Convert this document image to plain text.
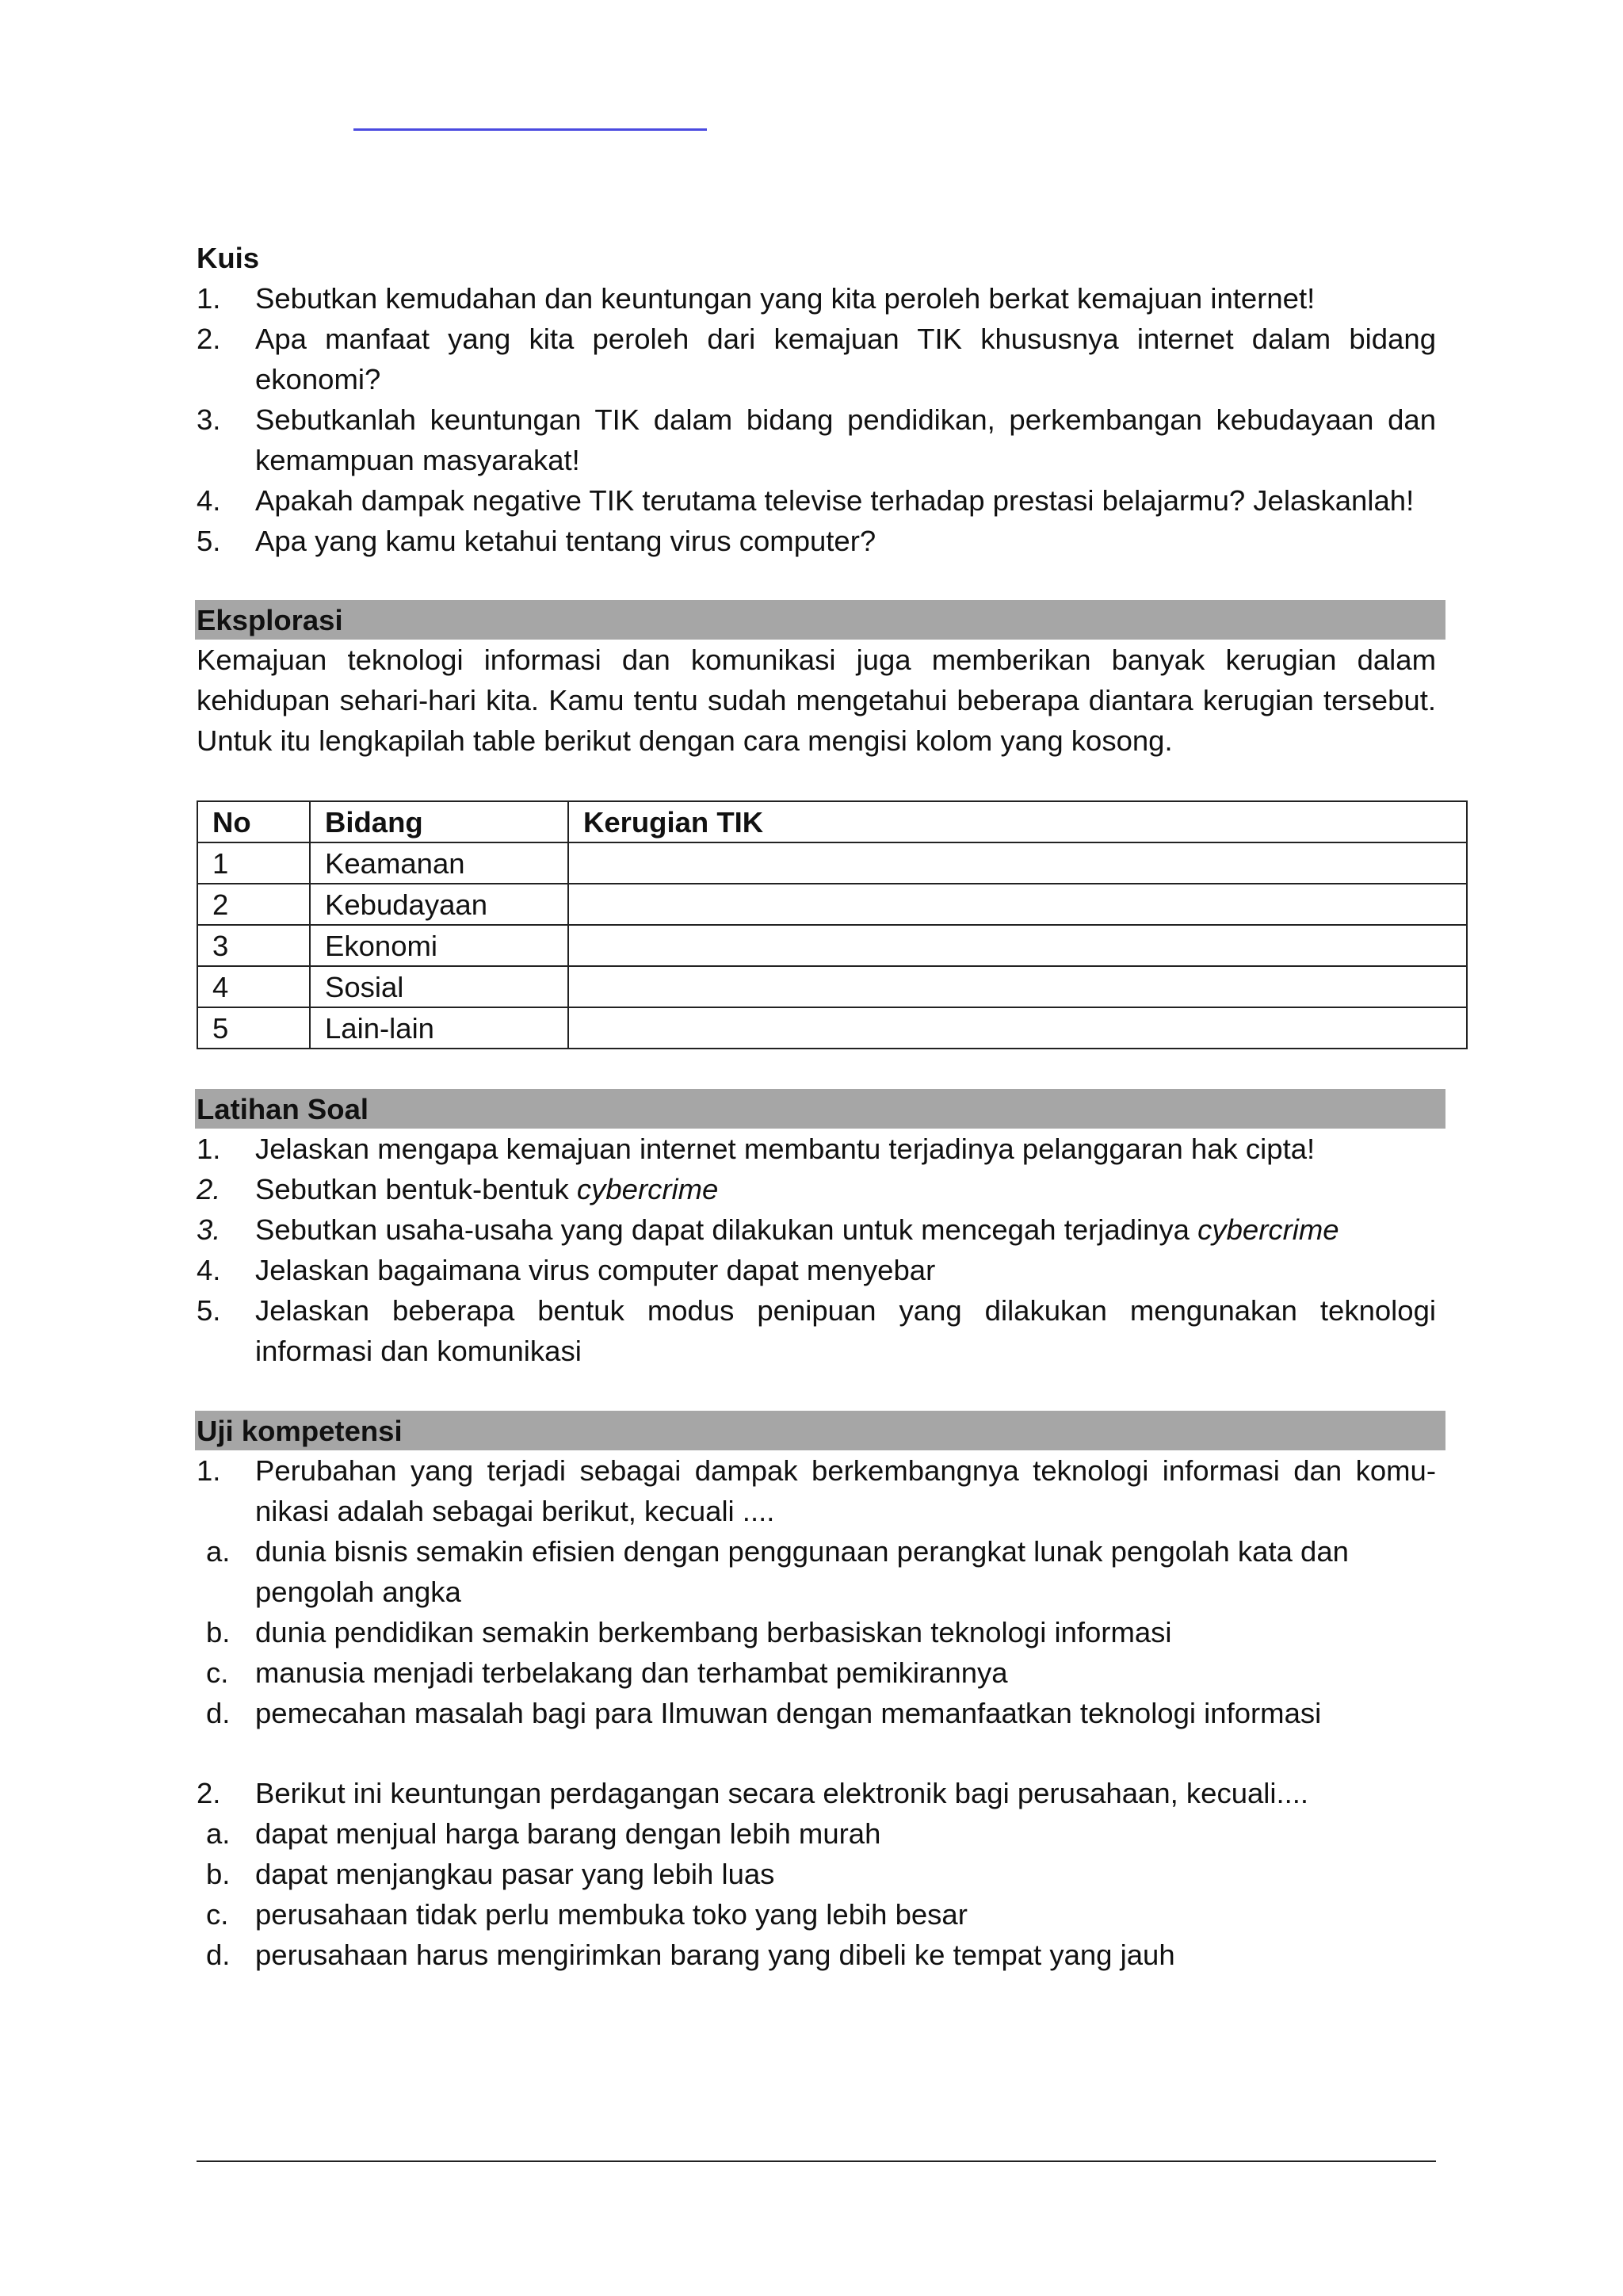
Kuis
1.	Sebutkan kemudahan dan keuntungan yang kita peroleh berkat kemajuan internet!
2.	Apa manfaat yang kita peroleh dari kemajuan TIK khususnya internet dalam bidang ekonomi?
3.	Sebutkanlah keuntungan TIK dalam bidang pendidikan, perkembangan kebudayaan dan kemampuan masyarakat!
4.	Apakah dampak negative TIK terutama televise terhadap prestasi belajarmu? Jelaskanlah!
5.	Apa yang kamu ketahui tentang virus computer?
Eksplorasi
Kemajuan teknologi informasi dan komunikasi juga memberikan banyak kerugian dalam kehidupan sehari-hari kita. Kamu tentu sudah mengetahui beberapa diantara kerugian tersebut. Untuk itu lengkapilah table berikut dengan cara mengisi kolom yang kosong.
No	Bidang	Kerugian TIK
1	Keamanan	
2	Kebudayaan	
3	Ekonomi	
4	Sosial	
5	Lain-lain	
Latihan Soal
1.	Jelaskan mengapa kemajuan internet membantu terjadinya pelanggaran hak cipta!
2.	Sebutkan bentuk-bentuk cybercrime
3.	Sebutkan usaha-usaha yang dapat dilakukan untuk mencegah terjadinya cybercrime
4.	Jelaskan bagaimana virus computer dapat menyebar
5.	Jelaskan beberapa bentuk modus penipuan yang dilakukan mengunakan teknologi informasi dan komunikasi
Uji kompetensi
1.	Perubahan yang terjadi sebagai dampak berkembangnya teknologi informasi dan komu-nikasi adalah sebagai berikut, kecuali ....
a. dunia bisnis semakin efisien dengan penggunaan perangkat lunak pengolah kata dan pengolah angka
b. dunia pendidikan semakin berkembang berbasiskan teknologi informasi
c. manusia menjadi terbelakang dan terhambat pemikirannya
d. pemecahan masalah bagi para Ilmuwan dengan memanfaatkan teknologi informasi
2.	Berikut ini keuntungan perdagangan secara elektronik bagi perusahaan, kecuali....
a. dapat menjual harga barang dengan lebih murah
b. dapat menjangkau pasar yang lebih luas
c. perusahaan tidak perlu membuka toko yang lebih besar
d. perusahaan harus mengirimkan barang yang dibeli ke tempat yang jauh
